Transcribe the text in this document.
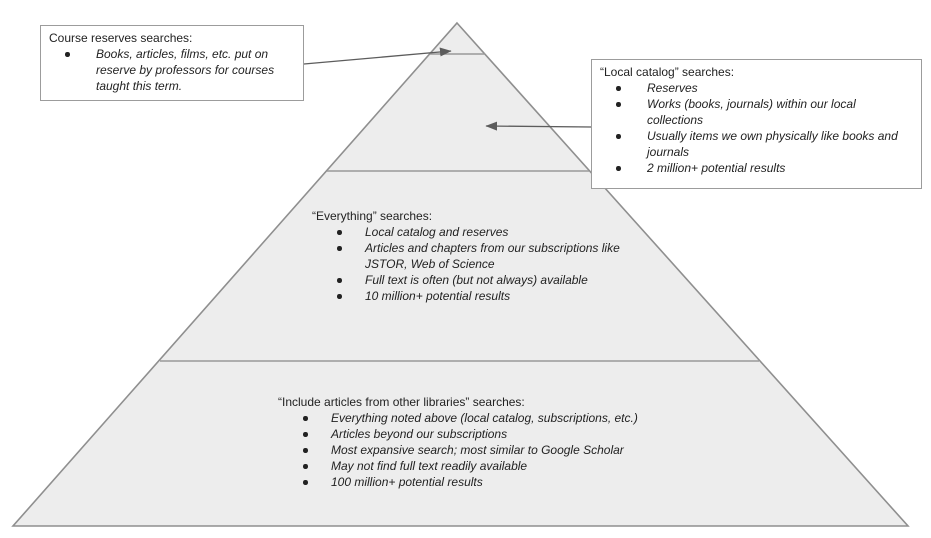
Course reserves searches:
Books, articles, films, etc. put on reserve by professors for courses taught this term.
“Local catalog” searches:
Reserves
Works (books, journals) within our local collections
Usually items we own physically like books and journals
2 million+ potential results
“Everything” searches:
Local catalog and reserves
Articles and chapters from our subscriptions like JSTOR, Web of Science
Full text is often (but not always) available
10 million+ potential results
“Include articles from other libraries” searches:
Everything noted above (local catalog, subscriptions, etc.)
Articles beyond our subscriptions
Most expansive search; most similar to Google Scholar
May not find full text readily available
100 million+ potential results
